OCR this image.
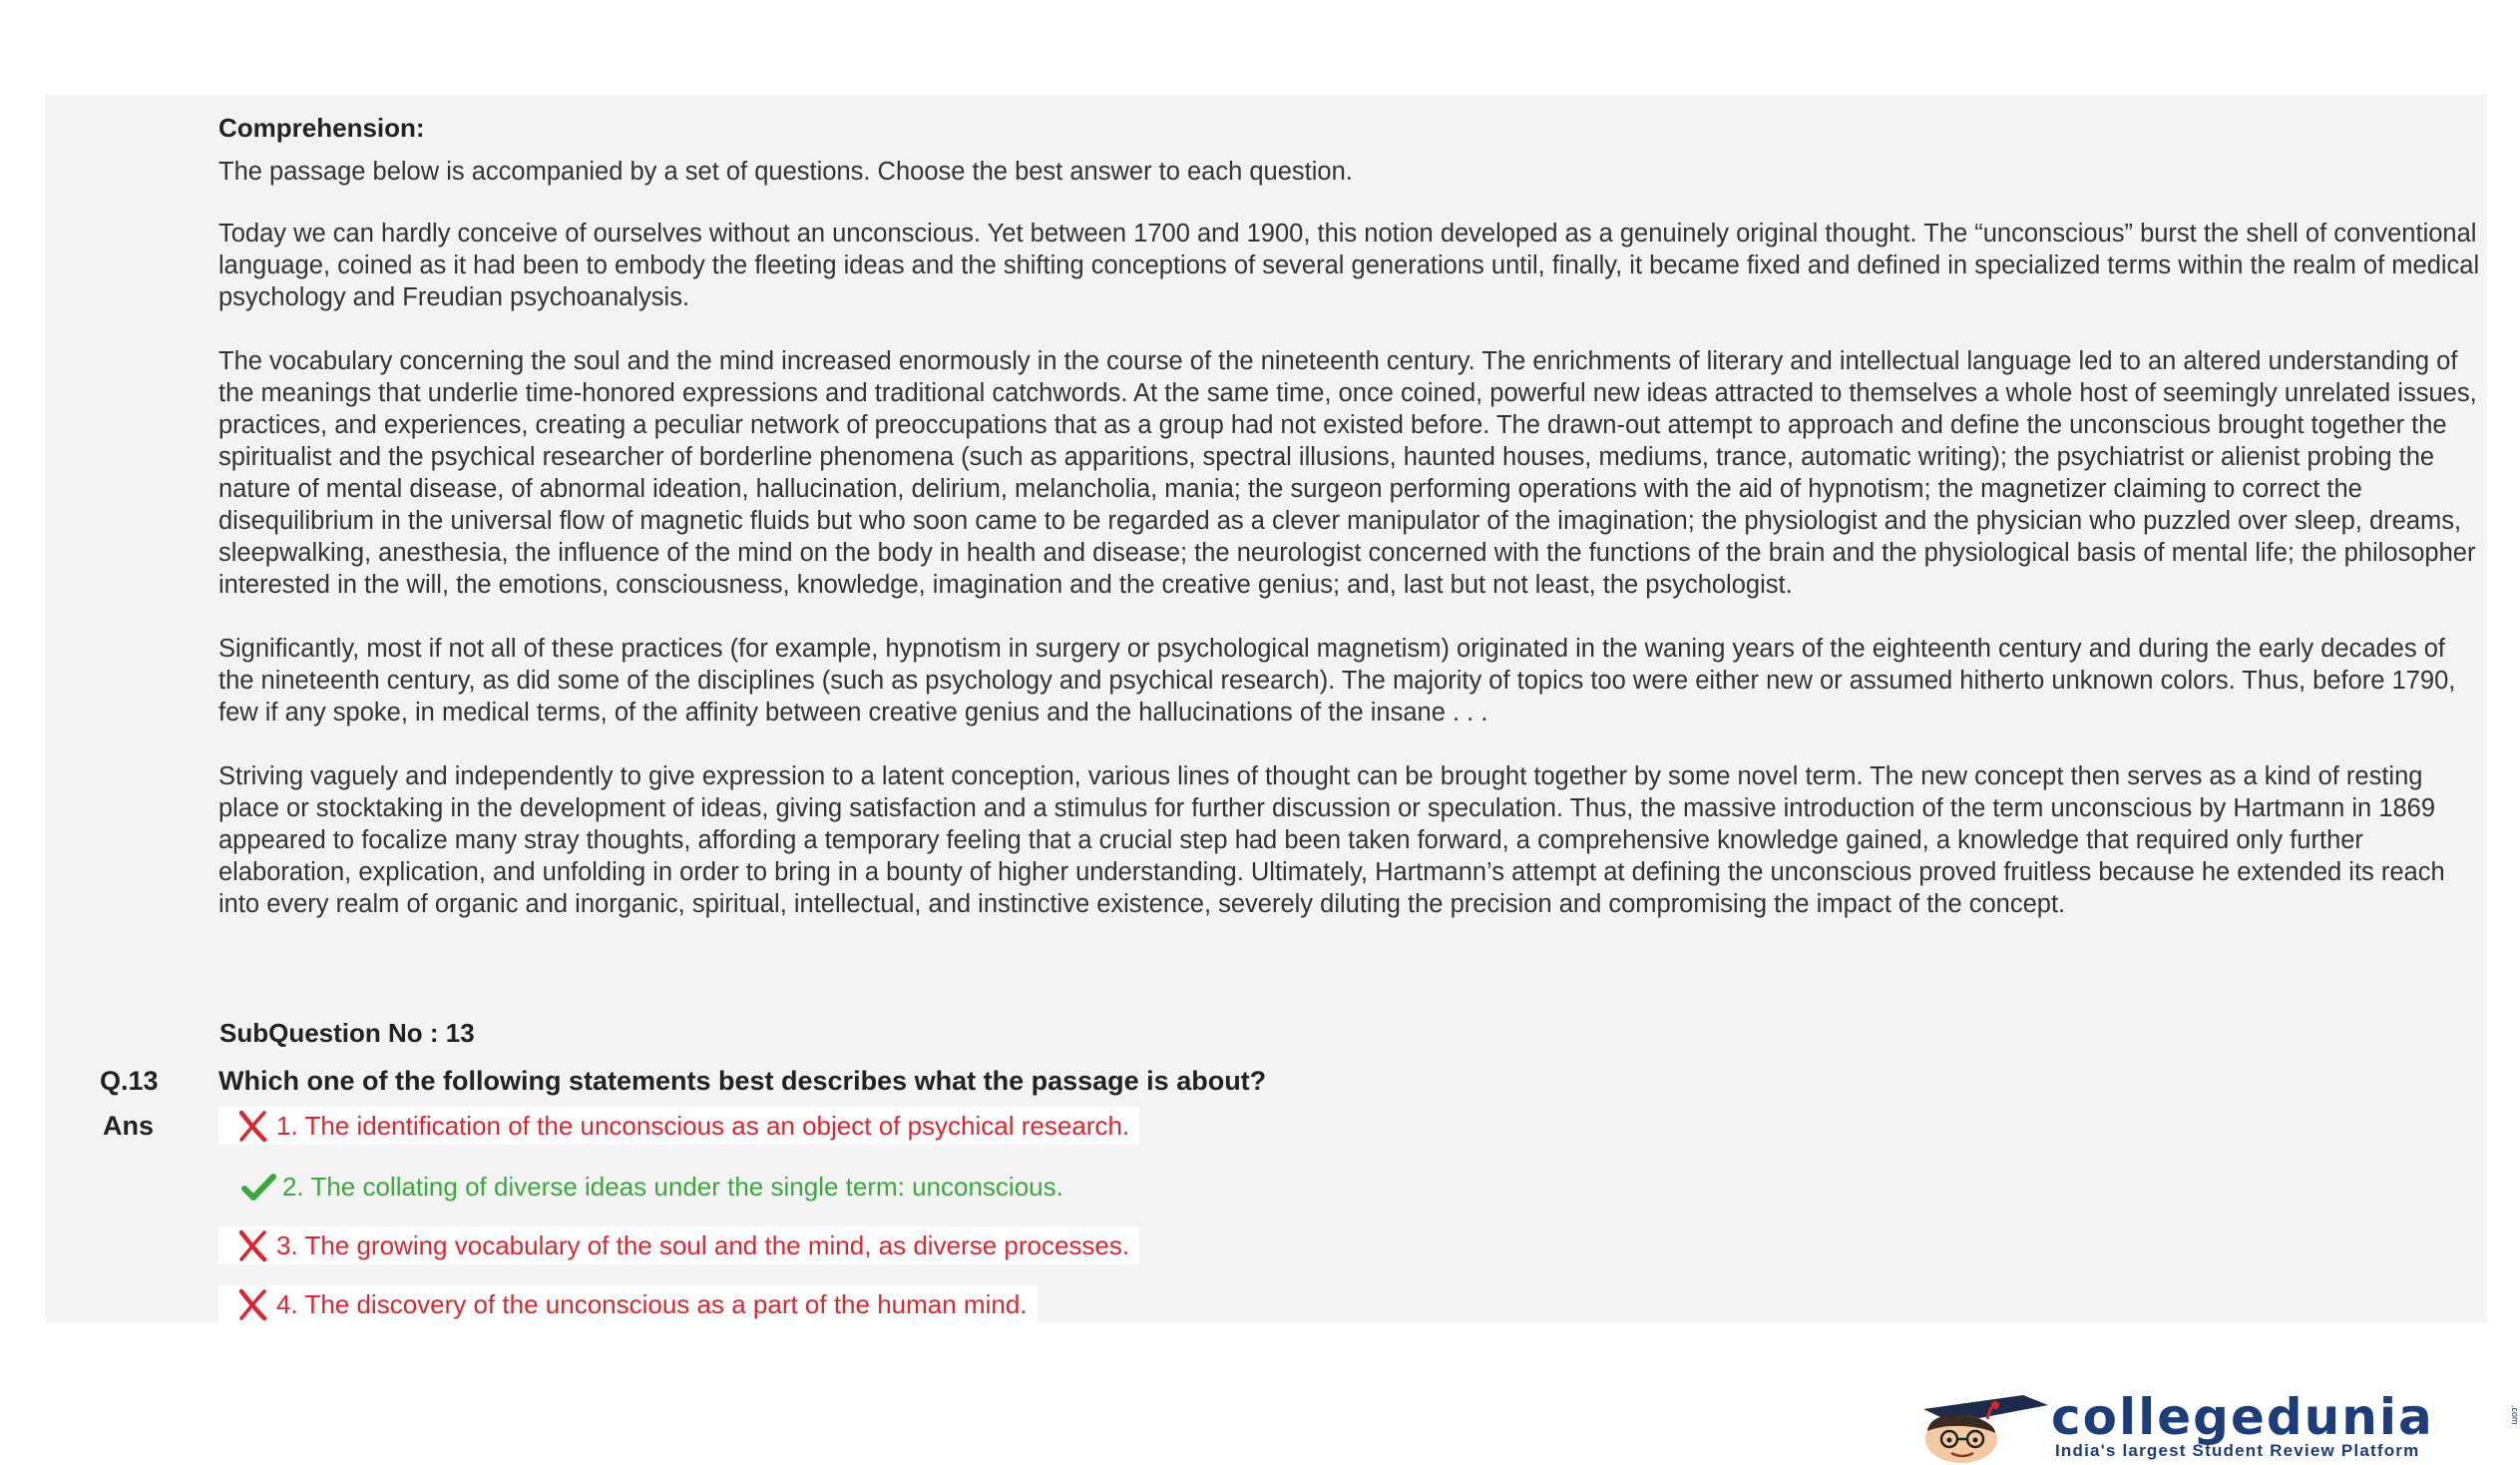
Comprehension:
The passage below is accompanied by a set of questions. Choose the best answer to each question.
Today we can hardly conceive of ourselves without an unconscious. Yet between 1700 and 1900, this notion developed as a genuinely original thought. The “unconscious” burst the shell of conventional language, coined as it had been to embody the fleeting ideas and the shifting conceptions of several generations until, finally, it became fixed and defined in specialized terms within the realm of medical psychology and Freudian psychoanalysis.
The vocabulary concerning the soul and the mind increased enormously in the course of the nineteenth century. The enrichments of literary and intellectual language led to an altered understanding of the meanings that underlie time-honored expressions and traditional catchwords. At the same time, once coined, powerful new ideas attracted to themselves a whole host of seemingly unrelated issues, practices, and experiences, creating a peculiar network of preoccupations that as a group had not existed before. The drawn-out attempt to approach and define the unconscious brought together the spiritualist and the psychical researcher of borderline phenomena (such as apparitions, spectral illusions, haunted houses, mediums, trance, automatic writing); the psychiatrist or alienist probing the nature of mental disease, of abnormal ideation, hallucination, delirium, melancholia, mania; the surgeon performing operations with the aid of hypnotism; the magnetizer claiming to correct the disequilibrium in the universal flow of magnetic fluids but who soon came to be regarded as a clever manipulator of the imagination; the physiologist and the physician who puzzled over sleep, dreams, sleepwalking, anesthesia, the influence of the mind on the body in health and disease; the neurologist concerned with the functions of the brain and the physiological basis of mental life; the philosopher interested in the will, the emotions, consciousness, knowledge, imagination and the creative genius; and, last but not least, the psychologist.
Significantly, most if not all of these practices (for example, hypnotism in surgery or psychological magnetism) originated in the waning years of the eighteenth century and during the early decades of the nineteenth century, as did some of the disciplines (such as psychology and psychical research). The majority of topics too were either new or assumed hitherto unknown colors. Thus, before 1790, few if any spoke, in medical terms, of the affinity between creative genius and the hallucinations of the insane . . .
Striving vaguely and independently to give expression to a latent conception, various lines of thought can be brought together by some novel term. The new concept then serves as a kind of resting place or stocktaking in the development of ideas, giving satisfaction and a stimulus for further discussion or speculation. Thus, the massive introduction of the term unconscious by Hartmann in 1869 appeared to focalize many stray thoughts, affording a temporary feeling that a crucial step had been taken forward, a comprehensive knowledge gained, a knowledge that required only further elaboration, explication, and unfolding in order to bring in a bounty of higher understanding. Ultimately, Hartmann’s attempt at defining the unconscious proved fruitless because he extended its reach into every realm of organic and inorganic, spiritual, intellectual, and instinctive existence, severely diluting the precision and compromising the impact of the concept.
SubQuestion No : 13
Q.13 Which one of the following statements best describes what the passage is about?
Ans	1. The identification of the unconscious as an object of psychical research.
2. The collating of diverse ideas under the single term: unconscious.
3. The growing vocabulary of the soul and the mind, as diverse processes.
4. The discovery of the unconscious as a part of the human mind.
collegedunia
India's largest Student Review Platform
.com
